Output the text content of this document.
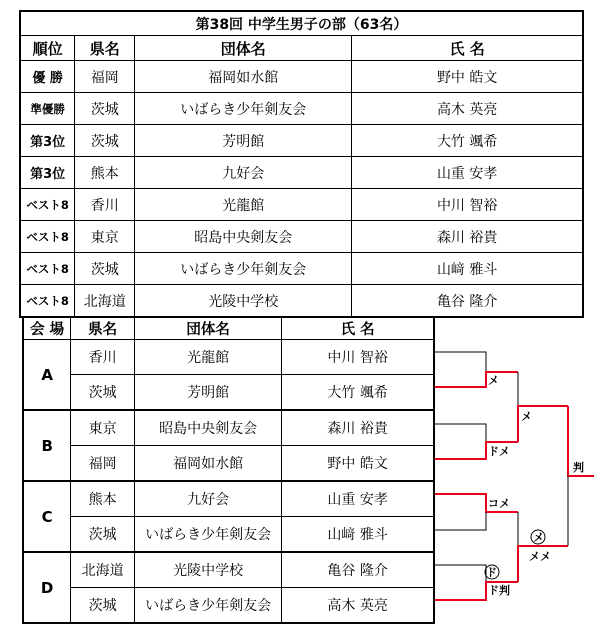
第38回 中学生男子の部（63名）			
順位	県名	団体名	氏 名
優 勝	福岡	福岡如水館	野中 皓文
準優勝	茨城	いばらき少年剣友会	高木 英亮
第3位	茨城	芳明館	大竹 颯希
第3位	熊本	九好会	山重 安孝
ベスト8	香川	光龍館	中川 智裕
ベスト8	東京	昭島中央剣友会	森川 裕貴
ベスト8	茨城	いばらき少年剣友会	山﨑 雅斗
ベスト8	北海道	光陵中学校	亀谷 隆介
会 場	県名	団体名	氏 名
A	香川	光龍館	中川 智裕
	茨城	芳明館	大竹 颯希
B	東京	昭島中央剣友会	森川 裕貴
	福岡	福岡如水館	野中 皓文
C	熊本	九好会	山重 安孝
	茨城	いばらき少年剣友会	山﨑 雅斗
D	北海道	光陵中学校	亀谷 隆介
	茨城	いばらき少年剣友会	高木 英亮
メ
ドメ
コメ
ド
ド判
メ
メ
メメ
判
